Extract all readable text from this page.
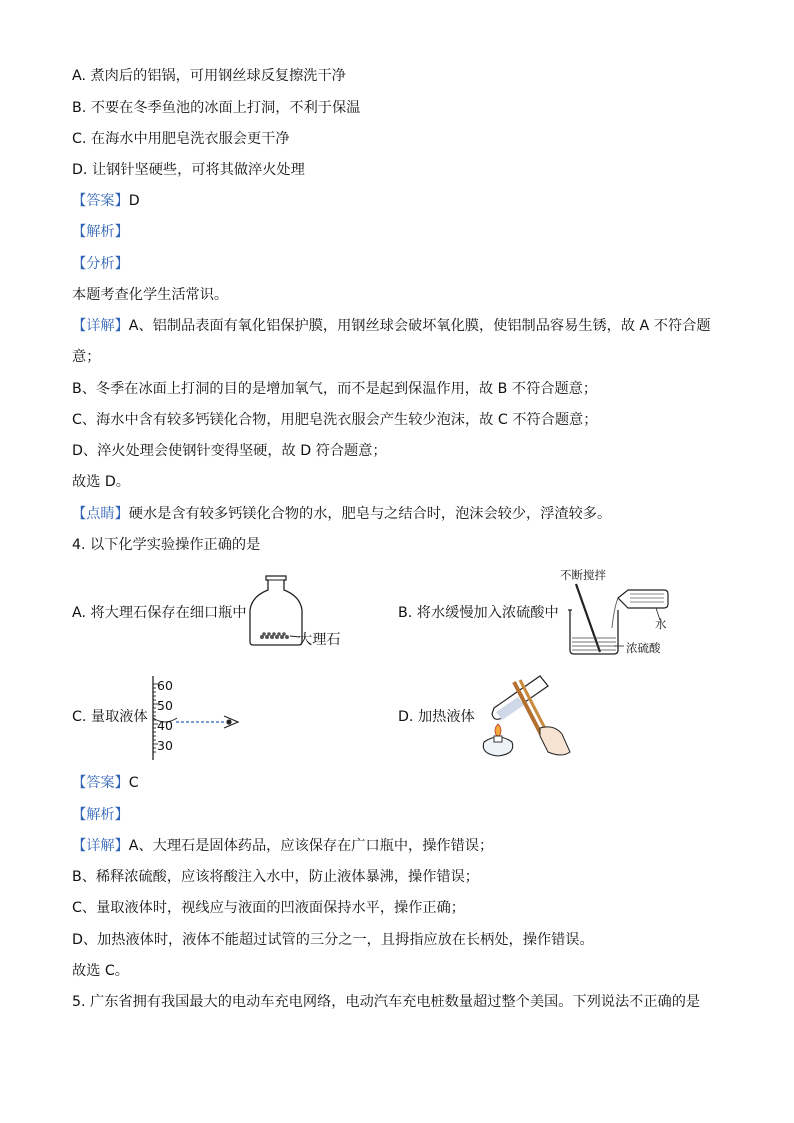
A. 煮肉后的铝锅，可用钢丝球反复擦洗干净
B. 不要在冬季鱼池的冰面上打洞，不利于保温
C. 在海水中用肥皂洗衣服会更干净
D. 让钢针坚硬些，可将其做淬火处理
【答案】D
【解析】
【分析】
本题考查化学生活常识。
【详解】A、铝制品表面有氧化铝保护膜，用钢丝球会破坏氧化膜，使铝制品容易生锈，故 A 不符合题
意；
B、冬季在冰面上打洞的目的是增加氧气，而不是起到保温作用，故 B 不符合题意；
C、海水中含有较多钙镁化合物，用肥皂洗衣服会产生较少泡沫，故 C 不符合题意；
D、淬火处理会使钢针变得坚硬，故 D 符合题意；
故选 D。
【点睛】硬水是含有较多钙镁化合物的水，肥皂与之结合时，泡沫会较少，浮渣较多。
4. 以下化学实验操作正确的是
A. 将大理石保存在细口瓶中
大理石
B. 将水缓慢加入浓硫酸中
不断搅拌
水
浓硫酸
C. 量取液体
60
50
40
30
D. 加热液体
【答案】C
【解析】
【详解】A、大理石是固体药品，应该保存在广口瓶中，操作错误；
B、稀释浓硫酸，应该将酸注入水中，防止液体暴沸，操作错误；
C、量取液体时，视线应与液面的凹液面保持水平，操作正确；
D、加热液体时，液体不能超过试管的三分之一，且拇指应放在长柄处，操作错误。
故选 C。
5. 广东省拥有我国最大的电动车充电网络，电动汽车充电桩数量超过整个美国。下列说法不正确的是
